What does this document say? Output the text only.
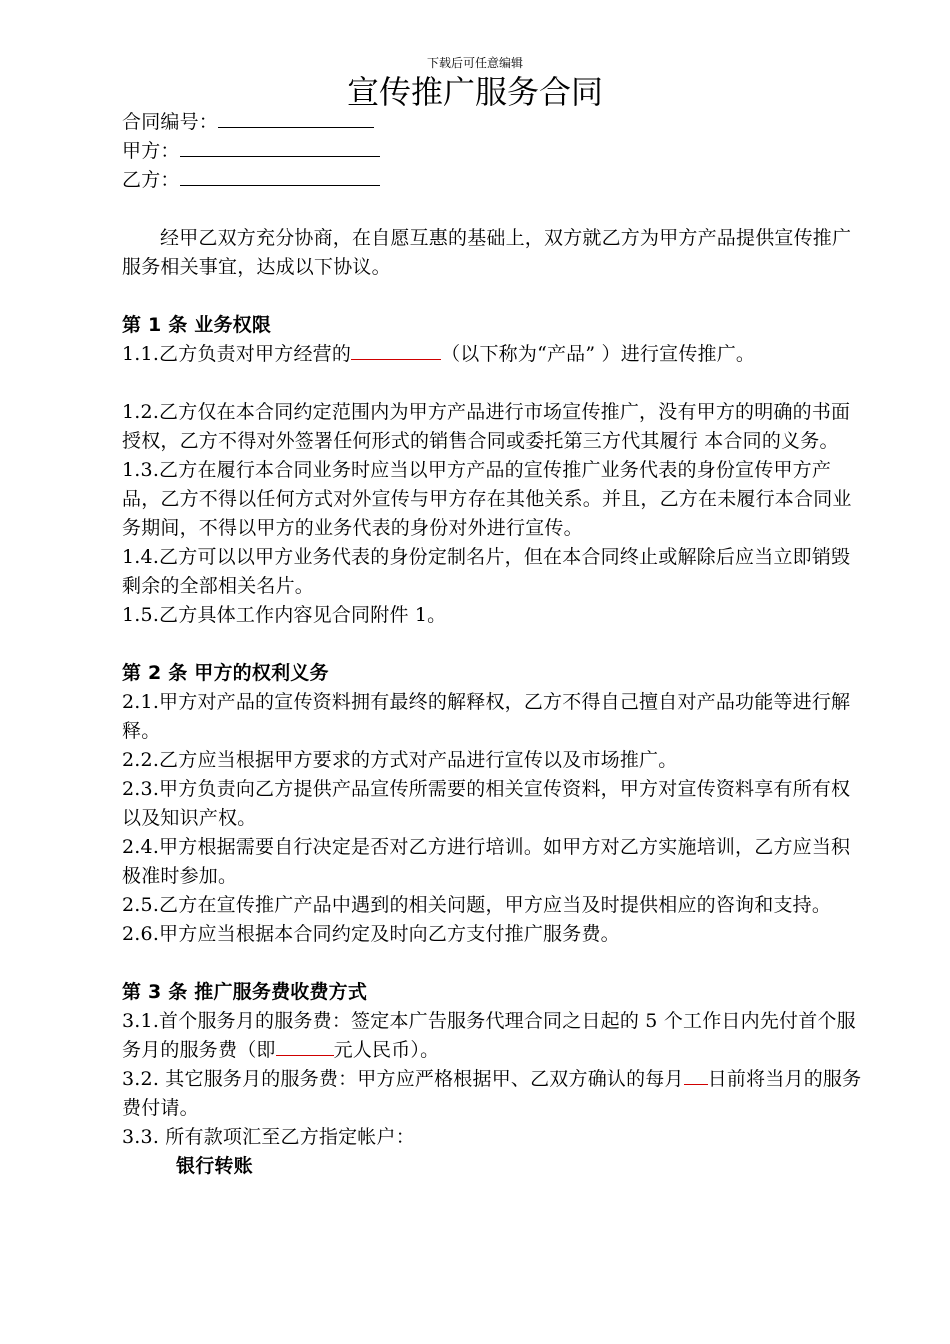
下载后可任意编辑
宣传推广服务合同

合同编号：

甲方：

乙方：

经甲乙双方充分协商，在自愿互惠的基础上，双方就乙方为甲方产品提供宣传推广服务相关事宜，达成以下协议。

第 1 条 业务权限

1.1.乙方负责对甲方经营的	（以下称为“产品” ）进行宣传推广。

1.2.乙方仅在本合同约定范围内为甲方产品进行市场宣传推广，没有甲方的明确的书面授权，乙方不得对外签署任何形式的销售合同或委托第三方代其履行 本合同的义务。

1.3.乙方在履行本合同业务时应当以甲方产品的宣传推广业务代表的身份宣传甲方产品，乙方不得以任何方式对外宣传与甲方存在其他关系。并且，乙方在未履行本合同业务期间，不得以甲方的业务代表的身份对外进行宣传。

1.4.乙方可以以甲方业务代表的身份定制名片，但在本合同终止或解除后应当立即销毁剩余的全部相关名片。

1.5.乙方具体工作内容见合同附件 1。

第 2 条 甲方的权利义务

2.1.甲方对产品的宣传资料拥有最终的解释权，乙方不得自己擅自对产品功能等进行解释。

2.2.乙方应当根据甲方要求的方式对产品进行宣传以及市场推广。

2.3.甲方负责向乙方提供产品宣传所需要的相关宣传资料，甲方对宣传资料享有所有权以及知识产权。

2.4.甲方根据需要自行决定是否对乙方进行培训。如甲方对乙方实施培训，乙方应当积极准时参加。

2.5.乙方在宣传推广产品中遇到的相关问题，甲方应当及时提供相应的咨询和支持。

2.6.甲方应当根据本合同约定及时向乙方支付推广服务费。

第 3 条 推广服务费收费方式

3.1.首个服务月的服务费：签定本广告服务代理合同之日起的 5 个工作日内先付首个服务月的服务费（即	元人民币）。

3.2. 其它服务月的服务费：甲方应严格根据甲、乙双方确认的每月 日前将当月的服务费付请。

3.3. 所有款项汇至乙方指定帐户：

银行转账
